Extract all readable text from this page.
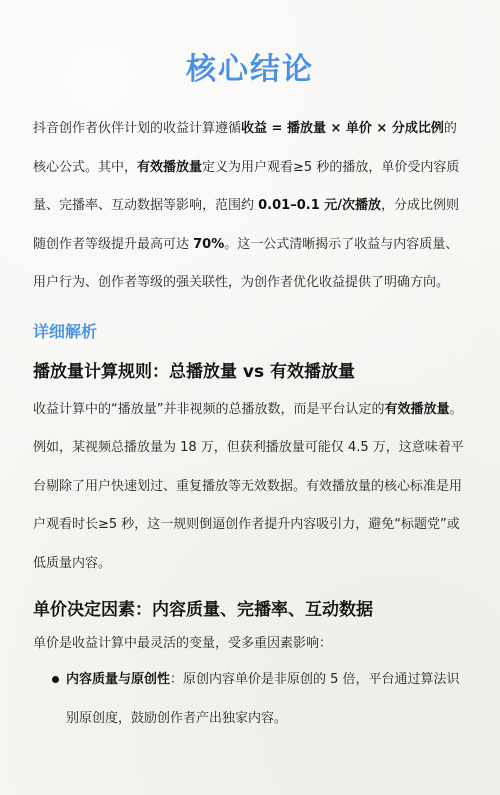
核心结论

抖音创作者伙伴计划的收益计算遵循收益 = 播放量 × 单价 × 分成比例的核心公式。其中，有效播放量定义为用户观看≥5 秒的播放，单价受内容质量、完播率、互动数据等影响，范围约 0.01–0.1 元/次播放，分成比例则随创作者等级提升最高可达 70%。这一公式清晰揭示了收益与内容质量、用户行为、创作者等级的强关联性，为创作者优化收益提供了明确方向。

详细解析
播放量计算规则：总播放量 vs 有效播放量

收益计算中的“播放量”并非视频的总播放数，而是平台认定的有效播放量。例如，某视频总播放量为 18 万，但获利播放量可能仅 4.5 万，这意味着平台剔除了用户快速划过、重复播放等无效数据。有效播放量的核心标准是用户观看时长≥5 秒，这一规则倒逼创作者提升内容吸引力，避免“标题党”或低质量内容。

单价决定因素：内容质量、完播率、互动数据

单价是收益计算中最灵活的变量，受多重因素影响：

内容质量与原创性：原创内容单价是非原创的 5 倍，平台通过算法识别原创度，鼓励创作者产出独家内容。
